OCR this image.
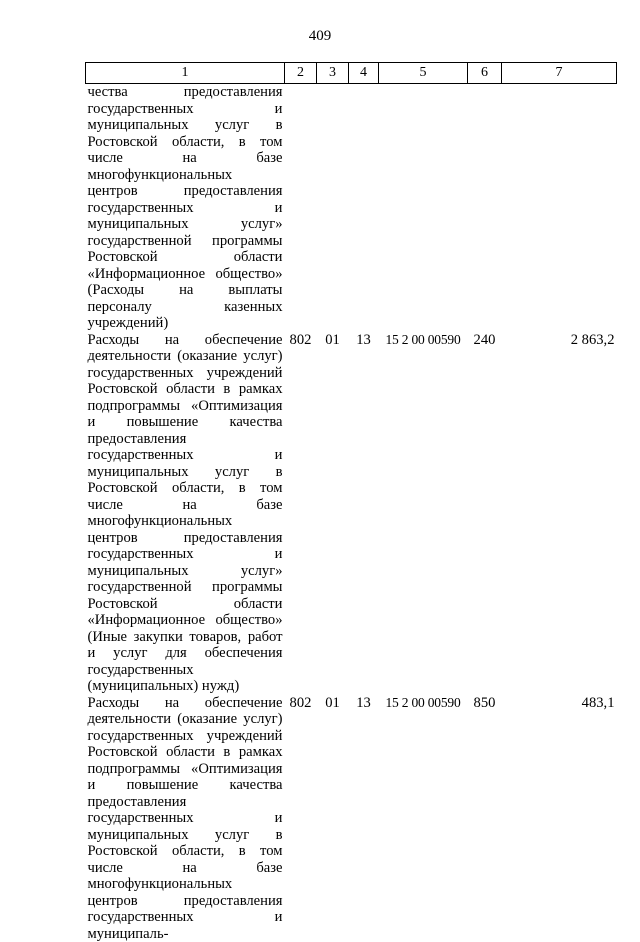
409
1	2	3	4	5	6	7
чества предоставления государственных и муниципальных услуг в Ростовской области, в том числе на базе многофункциональных центров предоставления государственных и муниципальных услуг» государственной программы Ростовской области «Информационное общество» (Расходы на выплаты персоналу казенных учреждений)						
Расходы на обеспечение деятельности (оказание услуг) государственных учреждений Ростовской области в рамках подпрограммы «Оптимизация и повышение качества предоставления государственных и муниципальных услуг в Ростовской области, в том числе на базе многофункциональных центров предоставления государственных и муниципальных услуг» государственной программы Ростовской области «Информационное общество» (Иные закупки товаров, работ и услуг для обеспечения государственных (муниципальных) нужд)	802	01	13	15 2 00 00590	240	2 863,2
Расходы на обеспечение деятельности (оказание услуг) государственных учреждений Ростовской области в рамках подпрограммы «Оптимизация и повышение качества предоставления государственных и муниципальных услуг в Ростовской области, в том числе на базе многофункциональных центров предоставления государственных и муниципаль-	802	01	13	15 2 00 00590	850	483,1
